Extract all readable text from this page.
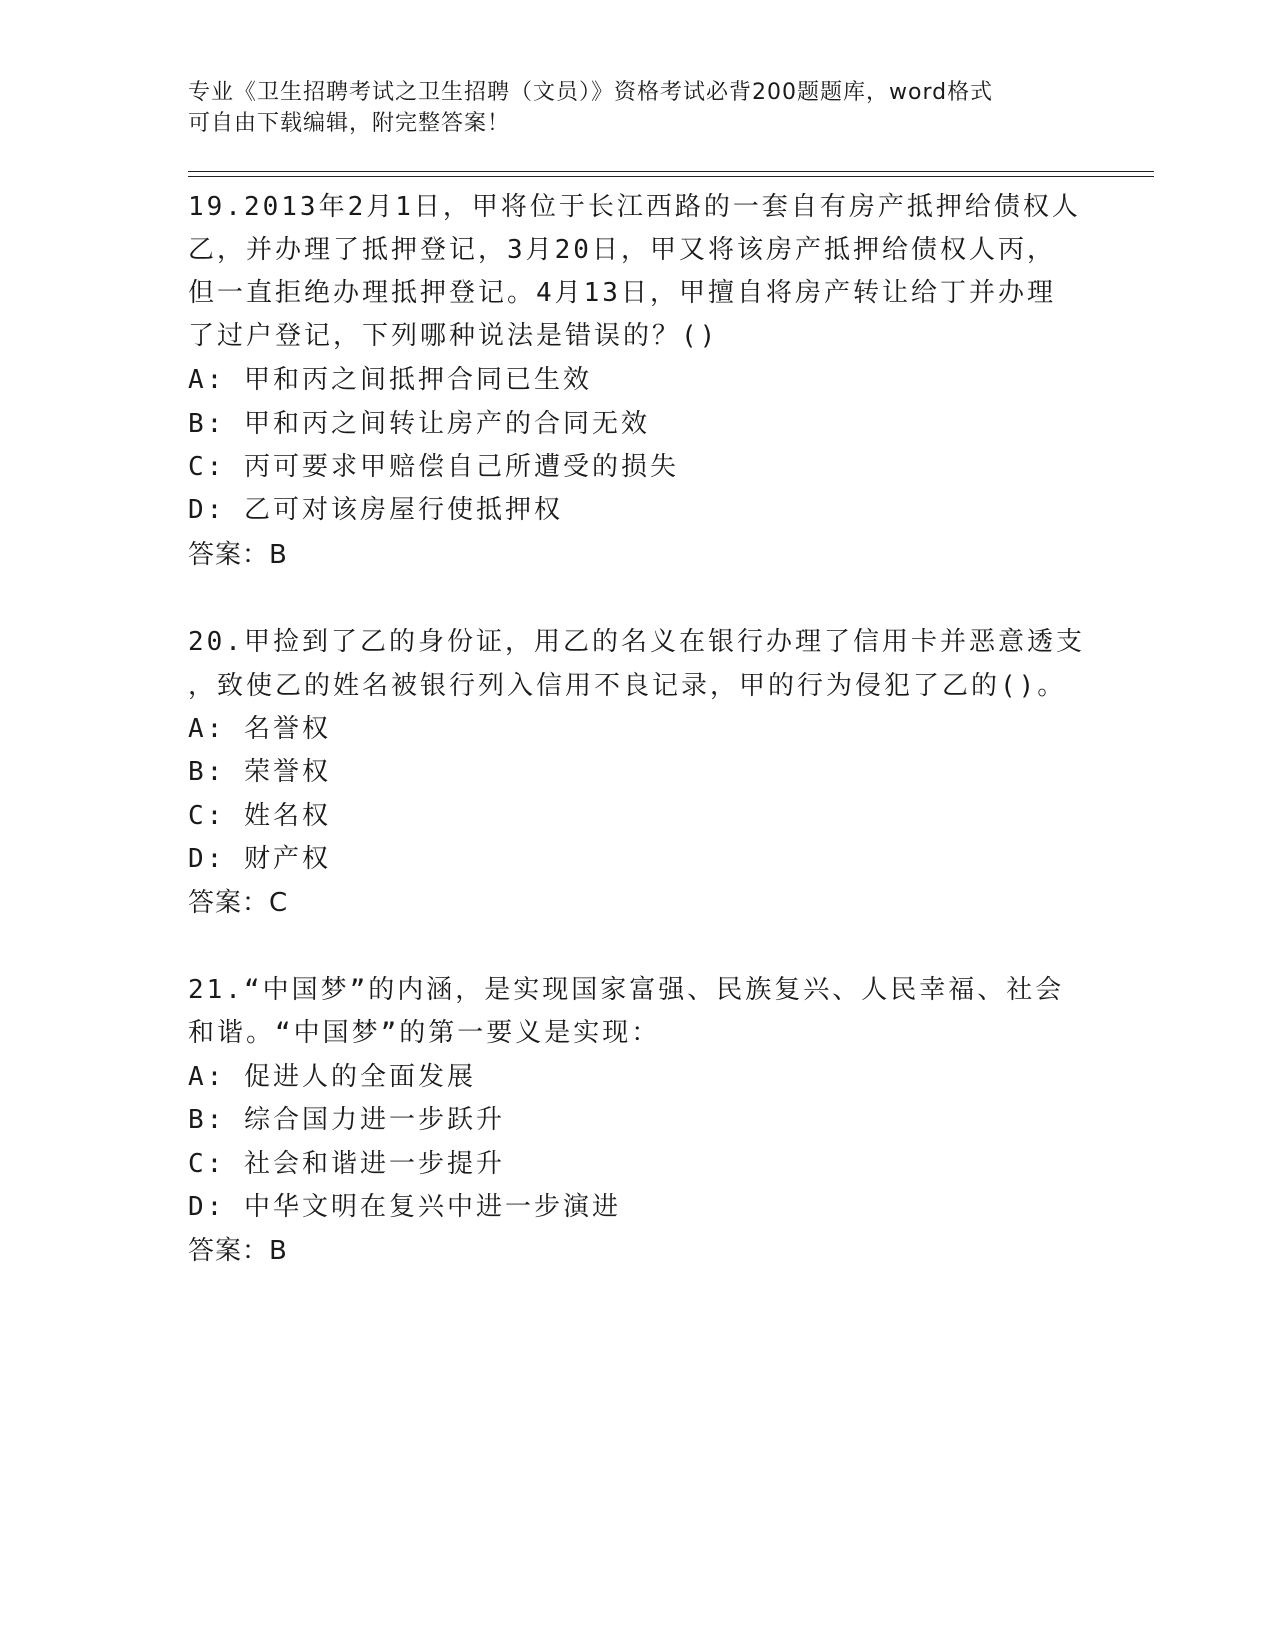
专业《卫生招聘考试之卫生招聘（文员）》资格考试必背200题题库，word格式
可自由下载编辑，附完整答案！
19.2013年2月1日，甲将位于长江西路的一套自有房产抵押给债权人
乙，并办理了抵押登记，3月20日，甲又将该房产抵押给债权人丙，
但一直拒绝办理抵押登记。4月13日，甲擅自将房产转让给丁并办理
了过户登记，下列哪种说法是错误的？()
A: 甲和丙之间抵押合同已生效
B: 甲和丙之间转让房产的合同无效
C: 丙可要求甲赔偿自己所遭受的损失
D: 乙可对该房屋行使抵押权
答案：B
20.甲捡到了乙的身份证，用乙的名义在银行办理了信用卡并恶意透支
，致使乙的姓名被银行列入信用不良记录，甲的行为侵犯了乙的()。
A: 名誉权
B: 荣誉权
C: 姓名权
D: 财产权
答案：C
21.“中国梦”的内涵，是实现国家富强、民族复兴、人民幸福、社会
和谐。“中国梦”的第一要义是实现：
A: 促进人的全面发展
B: 综合国力进一步跃升
C: 社会和谐进一步提升
D: 中华文明在复兴中进一步演进
答案：B
